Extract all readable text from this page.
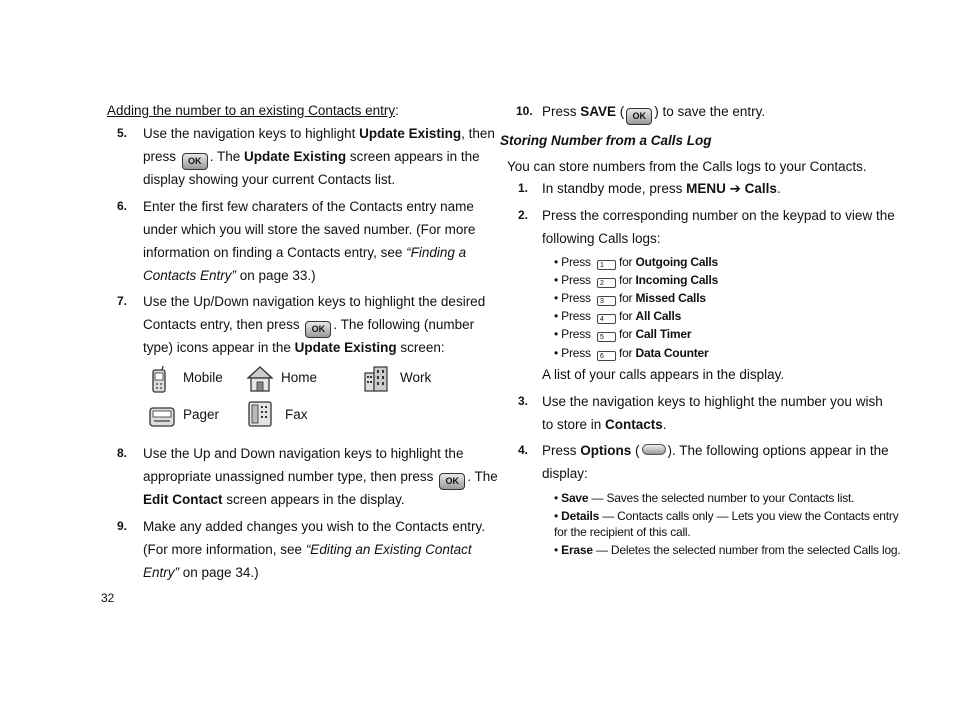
Adding the number to an existing Contacts entry:
5. Use the navigation keys to highlight Update Existing, then
press OK . The Update Existing screen appears in the
display showing your current Contacts list.
6. Enter the first few charaters of the Contacts entry name
under which you will store the saved number. (For more
information on finding a Contacts entry, see “Finding a
Contacts Entry” on page 33.)
7. Use the Up/Down navigation keys to highlight the desired
Contacts entry, then press OK . The following (number
type) icons appear in the Update Existing screen:
Mobile	Home	Work
Pager	Fax
8. Use the Up and Down navigation keys to highlight the
appropriate unassigned number type, then press OK . The
Edit Contact screen appears in the display.
9. Make any added changes you wish to the Contacts entry.
(For more information, see “Editing an Existing Contact
Entry” on page 34.)
32
10. Press SAVE ( OK ) to save the entry.
Storing Number from a Calls Log
You can store numbers from the Calls logs to your Contacts.
1. In standby mode, press MENU ➔ Calls.
2. Press the corresponding number on the keypad to view the
following Calls logs:
• Press 1 for Outgoing Calls
• Press 2 for Incoming Calls
• Press 3 for Missed Calls
• Press 4 for All Calls
• Press 5 for Call Timer
• Press 6 for Data Counter
A list of your calls appears in the display.
3. Use the navigation keys to highlight the number you wish
to store in Contacts.
4. Press Options ( ). The following options appear in the
display:
• Save — Saves the selected number to your Contacts list.
• Details — Contacts calls only — Lets you view the Contacts entry
for the recipient of this call.
• Erase — Deletes the selected number from the selected Calls log.
